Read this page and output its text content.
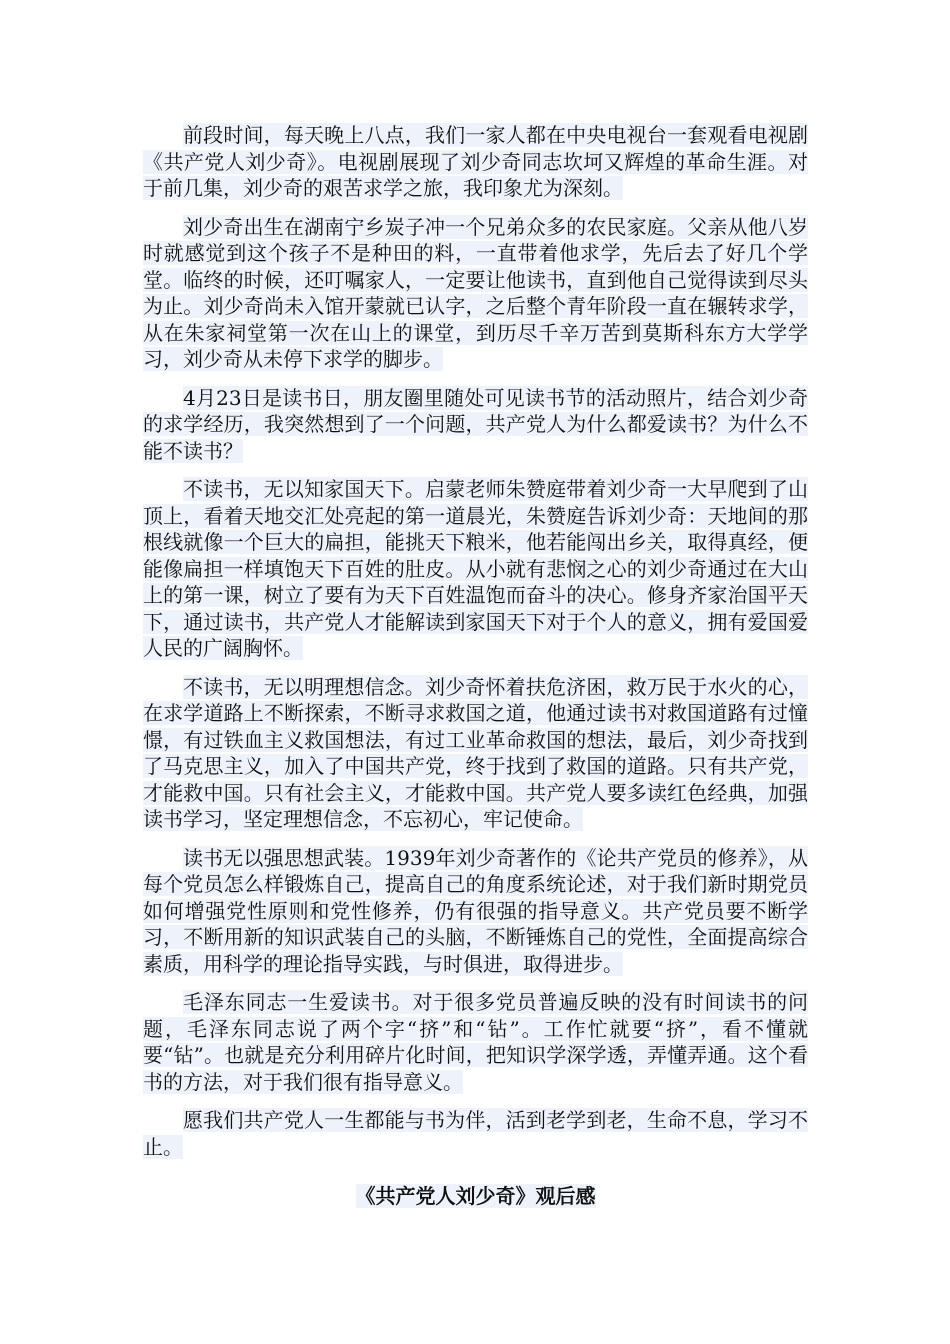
前段时间，每天晚上八点，我们一家人都在中央电视台一套观看电视剧《共产党人刘少奇》。电视剧展现了刘少奇同志坎坷又辉煌的革命生涯。对于前几集，刘少奇的艰苦求学之旅，我印象尤为深刻。

刘少奇出生在湖南宁乡炭子冲一个兄弟众多的农民家庭。父亲从他八岁时就感觉到这个孩子不是种田的料，一直带着他求学，先后去了好几个学堂。临终的时候，还叮嘱家人，一定要让他读书，直到他自己觉得读到尽头为止。刘少奇尚未入馆开蒙就已认字，之后整个青年阶段一直在辗转求学，从在朱家祠堂第一次在山上的课堂，到历尽千辛万苦到莫斯科东方大学学习，刘少奇从未停下求学的脚步。

4月23日是读书日，朋友圈里随处可见读书节的活动照片，结合刘少奇的求学经历，我突然想到了一个问题，共产党人为什么都爱读书？为什么不能不读书？

不读书，无以知家国天下。启蒙老师朱赞庭带着刘少奇一大早爬到了山顶上，看着天地交汇处亮起的第一道晨光，朱赞庭告诉刘少奇：天地间的那根线就像一个巨大的扁担，能挑天下粮米，他若能闯出乡关，取得真经，便能像扁担一样填饱天下百姓的肚皮。从小就有悲悯之心的刘少奇通过在大山上的第一课，树立了要有为天下百姓温饱而奋斗的决心。修身齐家治国平天下，通过读书，共产党人才能解读到家国天下对于个人的意义，拥有爱国爱人民的广阔胸怀。

不读书，无以明理想信念。刘少奇怀着扶危济困，救万民于水火的心，在求学道路上不断探索，不断寻求救国之道，他通过读书对救国道路有过憧憬，有过铁血主义救国想法，有过工业革命救国的想法，最后，刘少奇找到了马克思主义，加入了中国共产党，终于找到了救国的道路。只有共产党，才能救中国。只有社会主义，才能救中国。共产党人要多读红色经典，加强读书学习，坚定理想信念，不忘初心，牢记使命。

读书无以强思想武装。1939年刘少奇著作的《论共产党员的修养》，从每个党员怎么样锻炼自己，提高自己的角度系统论述，对于我们新时期党员如何增强党性原则和党性修养，仍有很强的指导意义。共产党员要不断学习，不断用新的知识武装自己的头脑，不断锤炼自己的党性，全面提高综合素质，用科学的理论指导实践，与时俱进，取得进步。

毛泽东同志一生爱读书。对于很多党员普遍反映的没有时间读书的问题，毛泽东同志说了两个字“挤”和“钻”。工作忙就要“挤”，看不懂就要“钻”。也就是充分利用碎片化时间，把知识学深学透，弄懂弄通。这个看书的方法，对于我们很有指导意义。

愿我们共产党人一生都能与书为伴，活到老学到老，生命不息，学习不止。

《共产党人刘少奇》观后感
